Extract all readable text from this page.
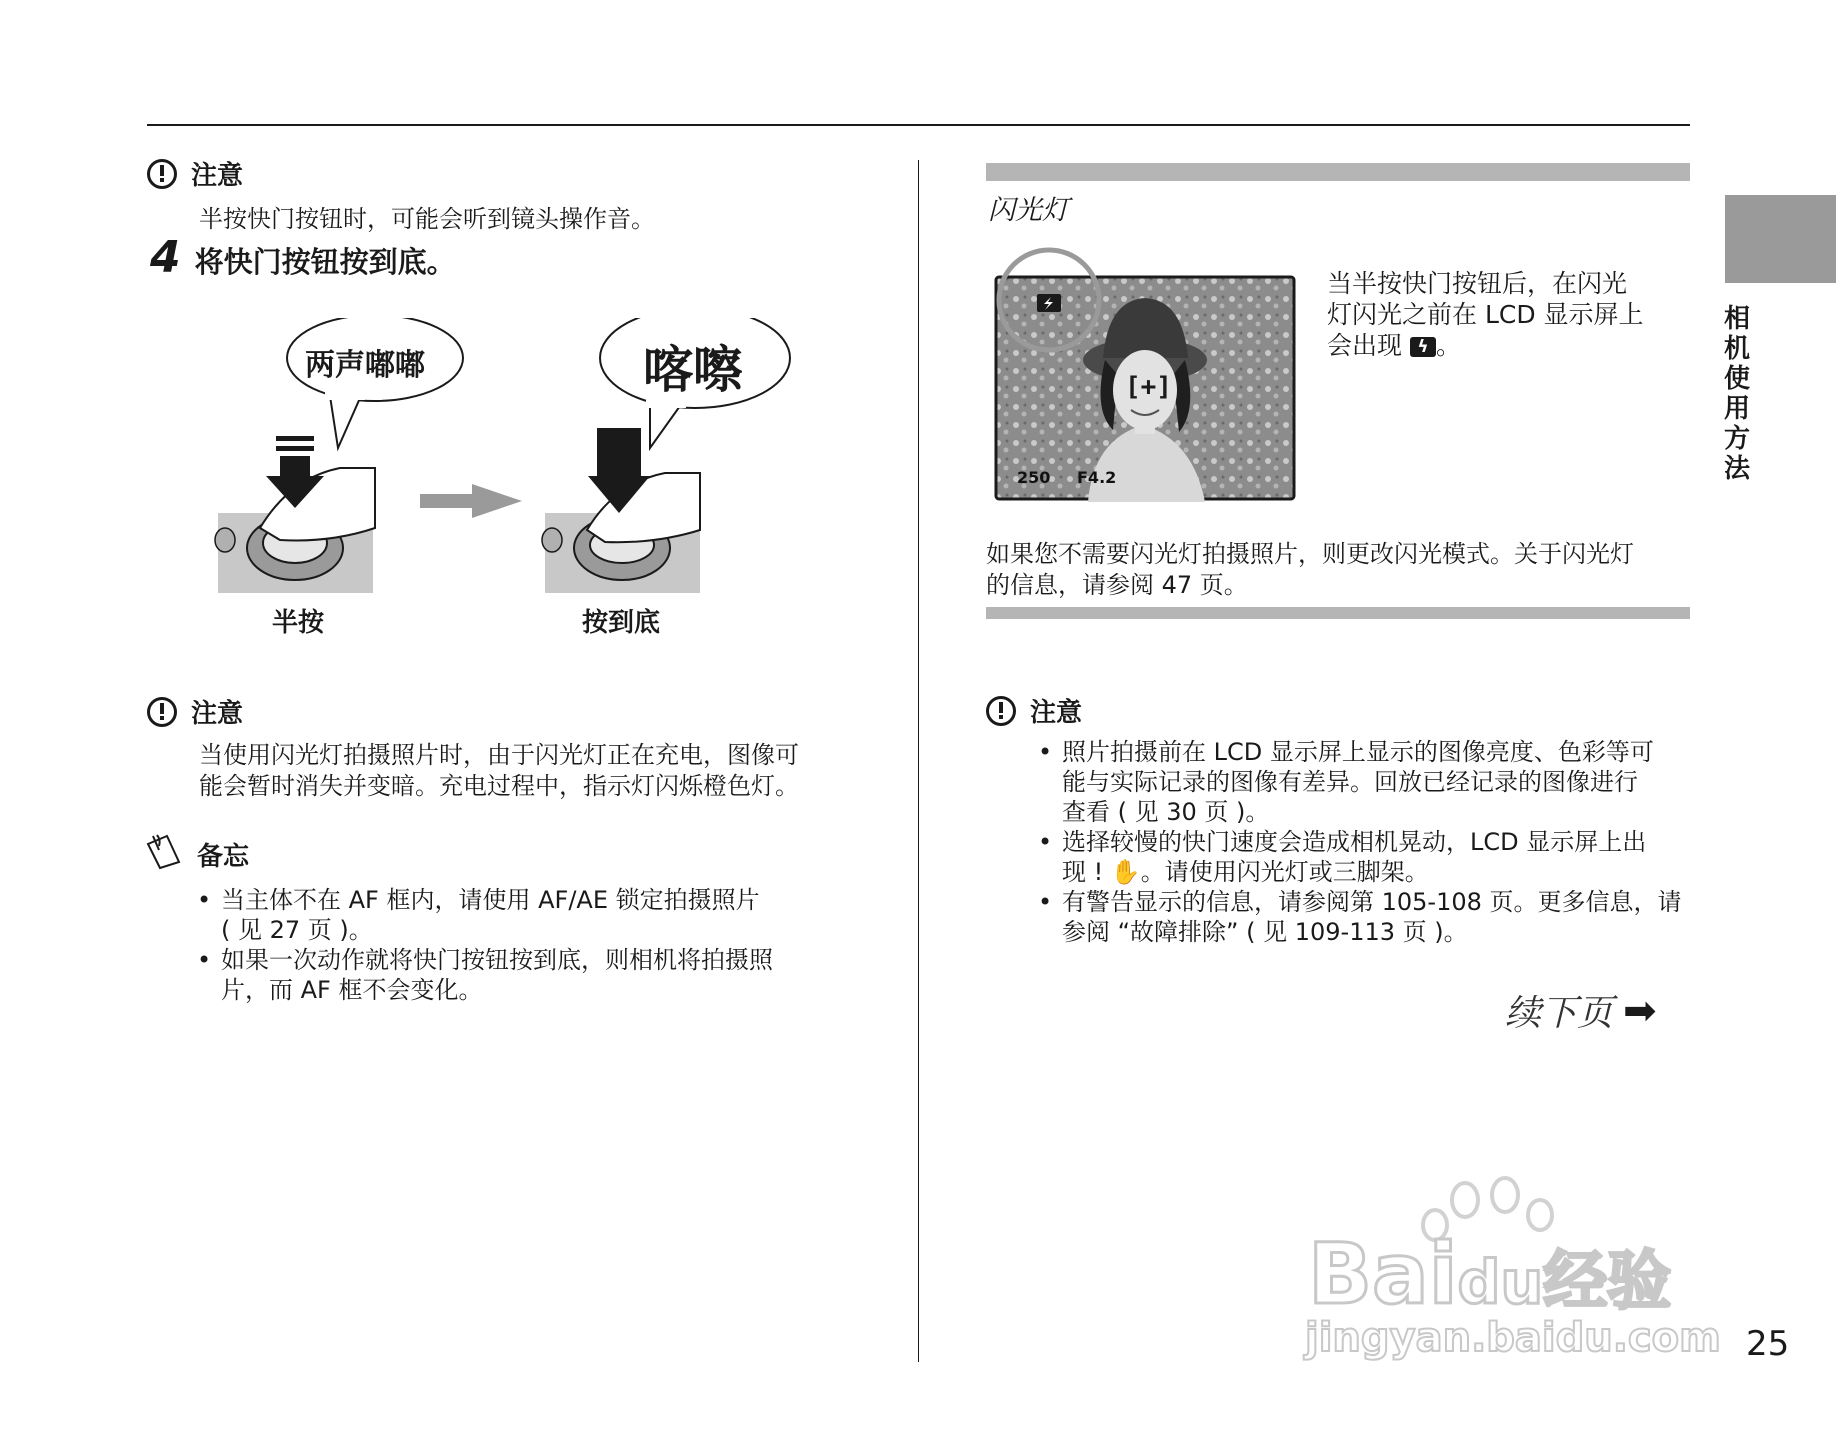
注意
半按快门按钮时，可能会听到镜头操作音。
4 将快门按钮按到底。
两声嘟嘟	喀嚓
半按	按到底
注意
当使用闪光灯拍摄照片时，由于闪光灯正在充电，图像可
能会暂时消失并变暗。充电过程中，指示灯闪烁橙色灯。
备忘
• 当主体不在 AF 框内，请使用 AF/AE 锁定拍摄照片
( 见 27 页 )。
• 如果一次动作就将快门按钮按到底，则相机将拍摄照
片，而 AF 框不会变化。
闪光灯
[+]
250 F4.2
当半按快门按钮后，在闪光
灯闪光之前在 LCD 显示屏上
会出现 ϟ 。
如果您不需要闪光灯拍摄照片，则更改闪光模式。关于闪光灯
的信息，请参阅 47 页。
注意
• 照片拍摄前在 LCD 显示屏上显示的图像亮度、色彩等可
能与实际记录的图像有差异。回放已经记录的图像进行
查看 ( 见 30 页 )。
• 选择较慢的快门速度会造成相机晃动，LCD 显示屏上出
现 ! ✋。请使用闪光灯或三脚架。
• 有警告显示的信息，请参阅第 105-108 页。更多信息，请
参阅 “故障排除” ( 见 109-113 页 )。
续下页 ➡
相机使用方法
Baidu经验
jingyan.baidu.com 25
